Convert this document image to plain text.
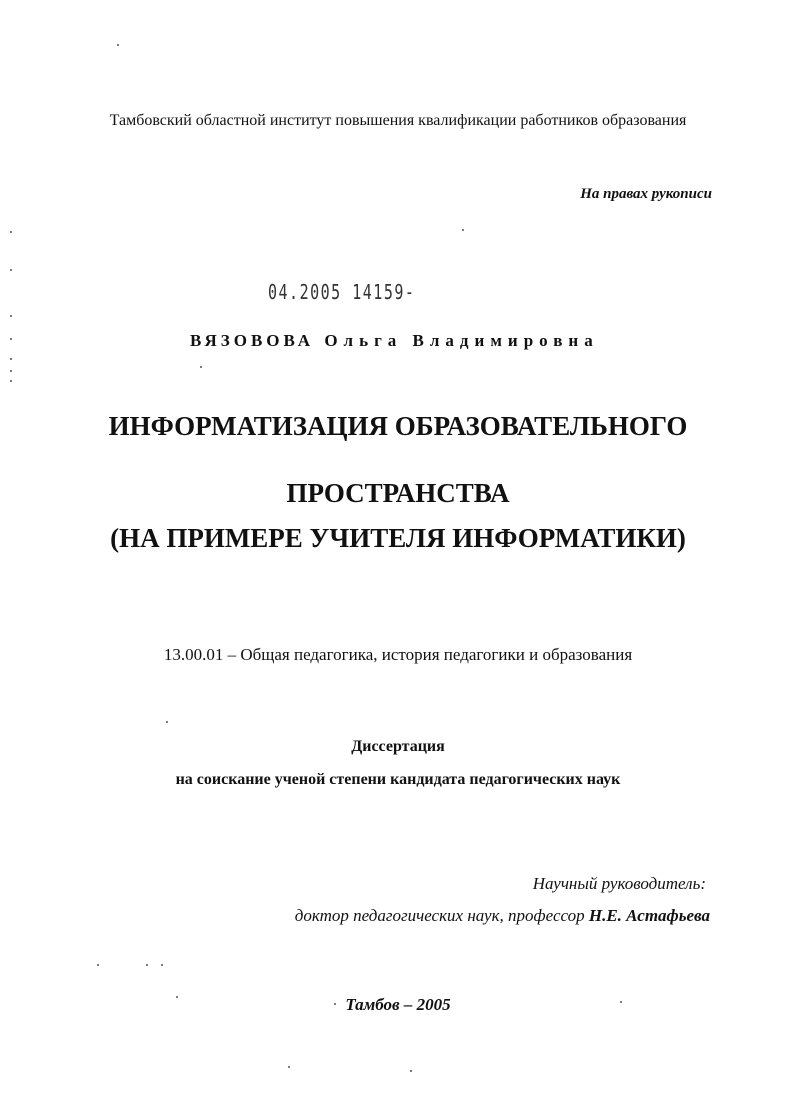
Тамбовский областной институт повышения квалификации работников образования
На правах рукописи
04.2005 14159-
ВЯЗОВОВА Ольга Владимировна
ИНФОРМАТИЗАЦИЯ ОБРАЗОВАТЕЛЬНОГО
ПРОСТРАНСТВА
(НА ПРИМЕРЕ УЧИТЕЛЯ ИНФОРМАТИКИ)
13.00.01 – Общая педагогика, история педагогики и образования
Диссертация
на соискание ученой степени кандидата педагогических наук
Научный руководитель:
доктор педагогических наук, профессор Н.Е. Астафьева
Тамбов – 2005
